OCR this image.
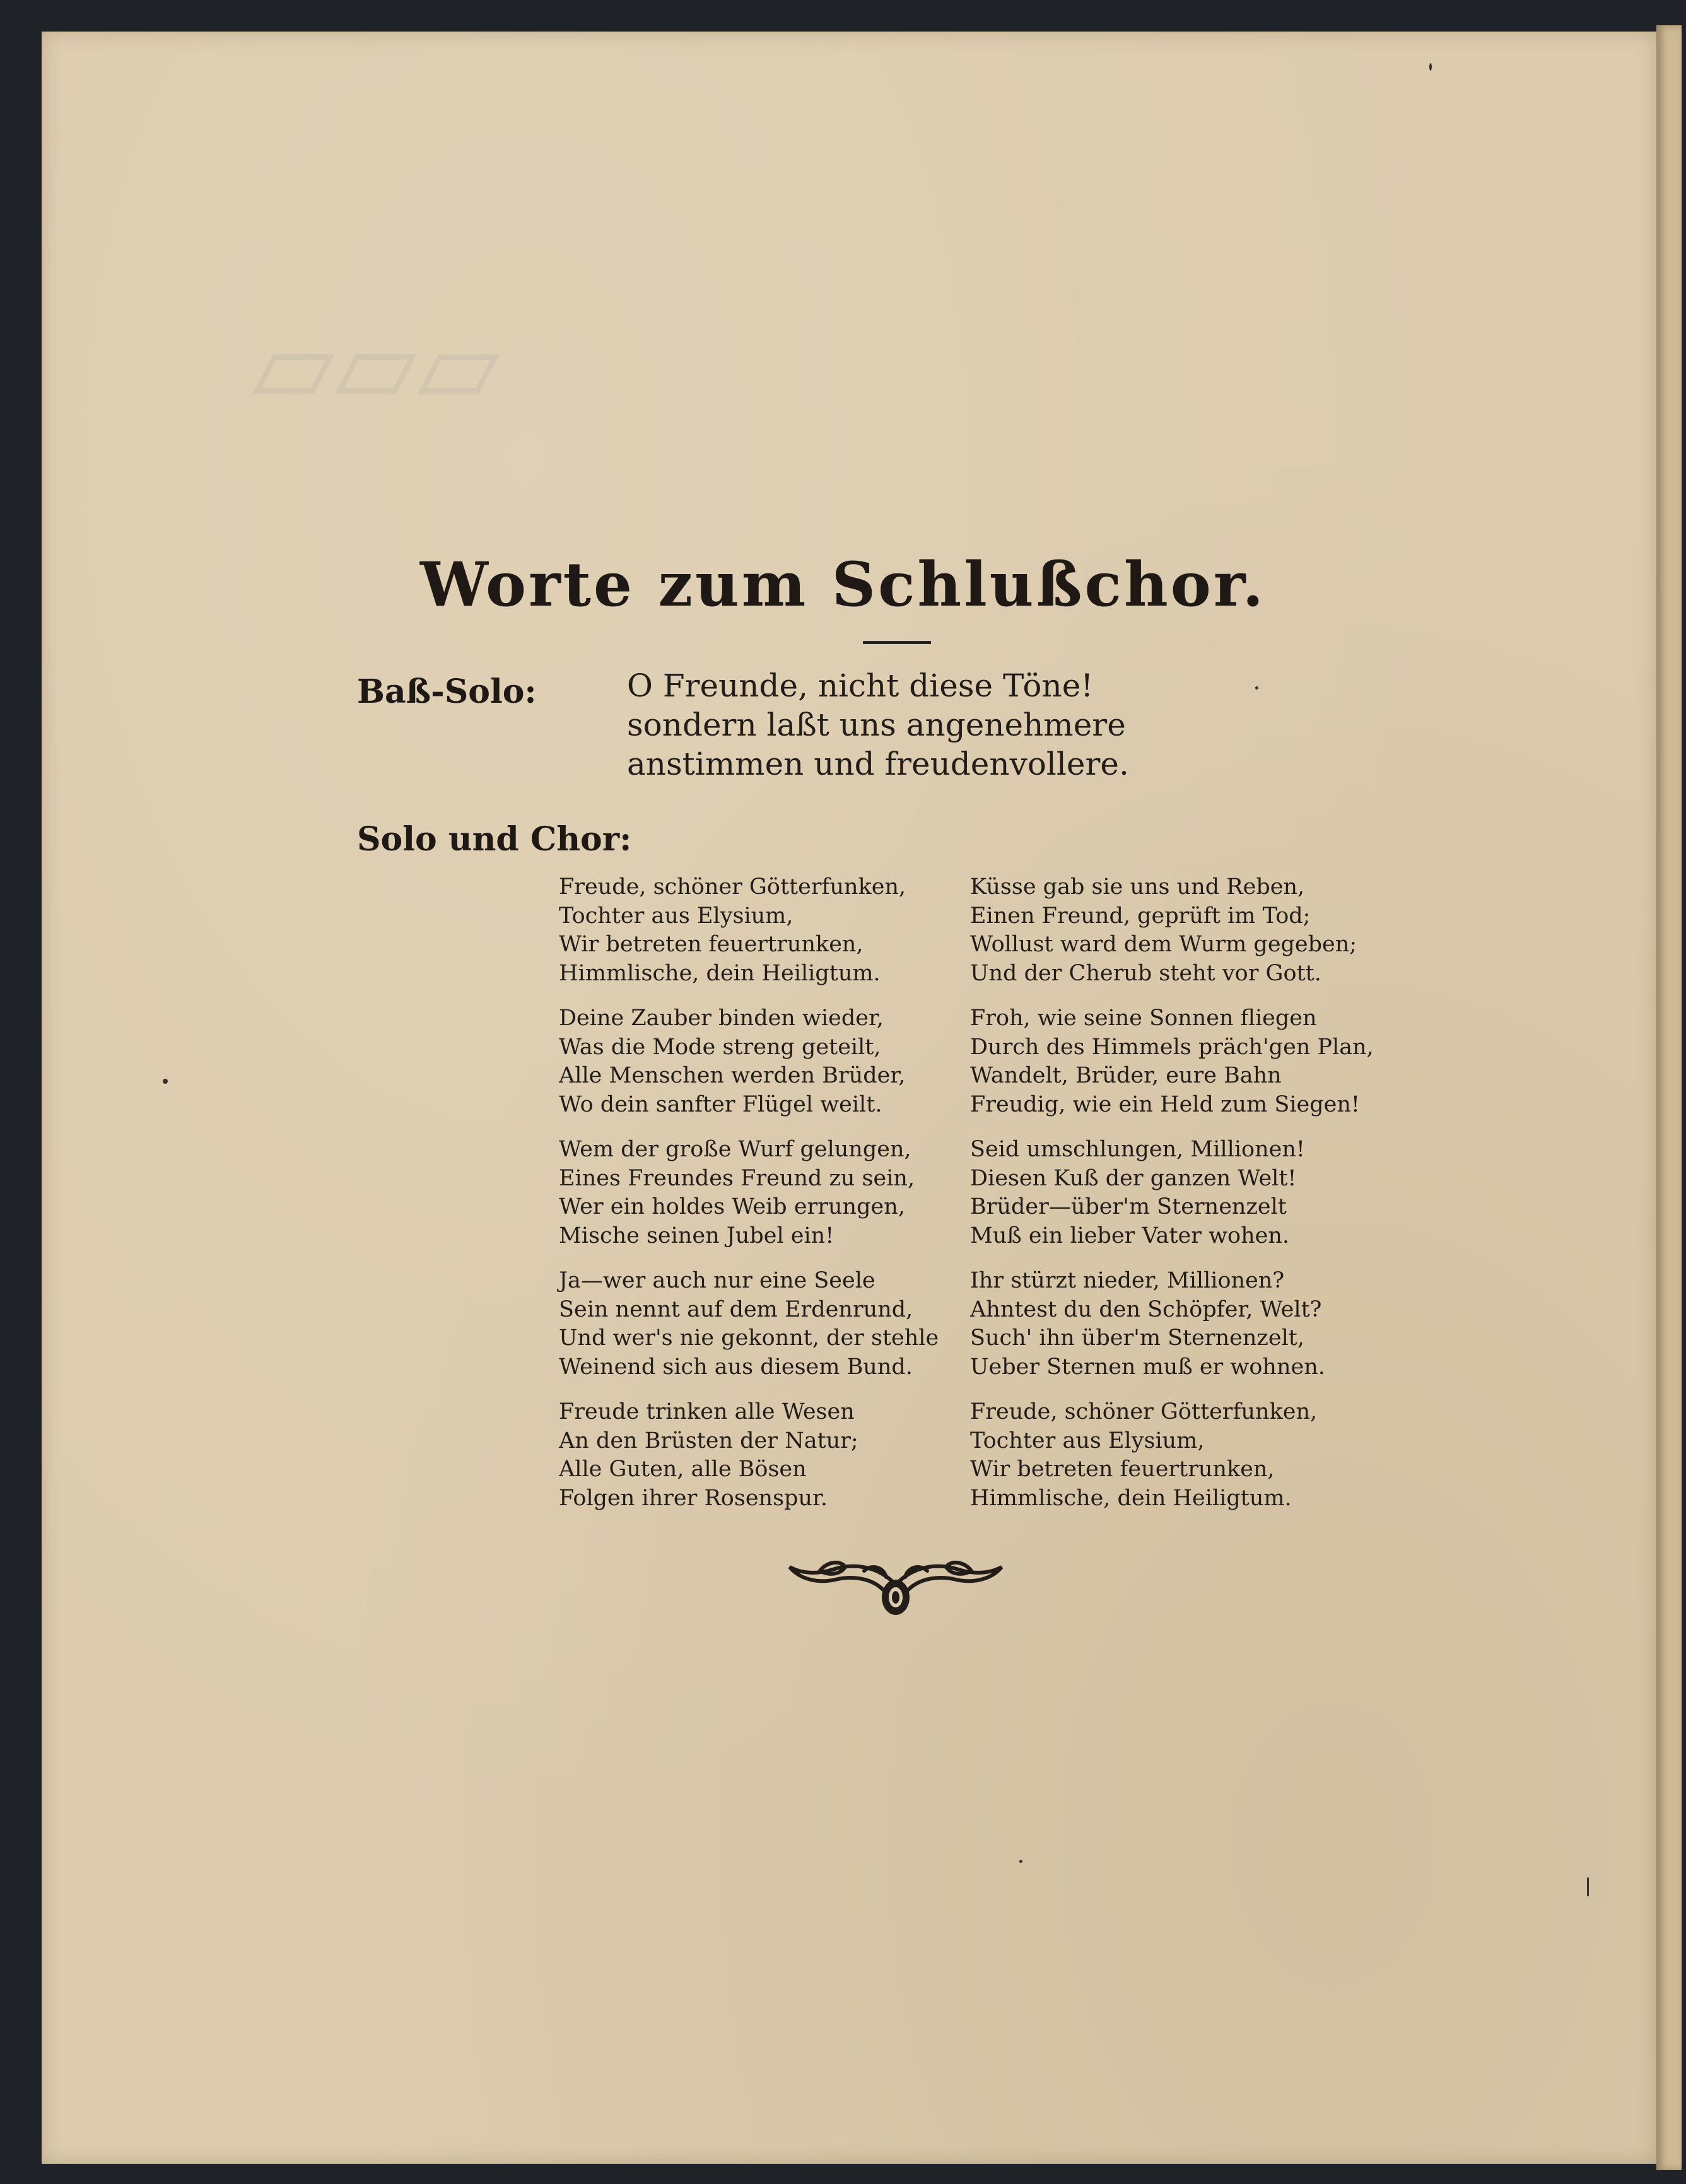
▱▱▱
Worte zum Schlußchor.
Baß-Solo:	O Freunde, nicht diese Töne!
sondern laßt uns angenehmere
anstimmen und freudenvollere.
Solo und Chor:
Freude, schöner Götterfunken,
Tochter aus Elysium,
Wir betreten feuertrunken,
Himmlische, dein Heiligtum.
Deine Zauber binden wieder,
Was die Mode streng geteilt,
Alle Menschen werden Brüder,
Wo dein sanfter Flügel weilt.
Wem der große Wurf gelungen,
Eines Freundes Freund zu sein,
Wer ein holdes Weib errungen,
Mische seinen Jubel ein!
Ja—wer auch nur eine Seele
Sein nennt auf dem Erdenrund,
Und wer's nie gekonnt, der stehle
Weinend sich aus diesem Bund.
Freude trinken alle Wesen
An den Brüsten der Natur;
Alle Guten, alle Bösen
Folgen ihrer Rosenspur.
Küsse gab sie uns und Reben,
Einen Freund, geprüft im Tod;
Wollust ward dem Wurm gegeben;
Und der Cherub steht vor Gott.
Froh, wie seine Sonnen fliegen
Durch des Himmels präch'gen Plan,
Wandelt, Brüder, eure Bahn
Freudig, wie ein Held zum Siegen!
Seid umschlungen, Millionen!
Diesen Kuß der ganzen Welt!
Brüder—über'm Sternenzelt
Muß ein lieber Vater wohen.
Ihr stürzt nieder, Millionen?
Ahntest du den Schöpfer, Welt?
Such' ihn über'm Sternenzelt,
Ueber Sternen muß er wohnen.
Freude, schöner Götterfunken,
Tochter aus Elysium,
Wir betreten feuertrunken,
Himmlische, dein Heiligtum.
